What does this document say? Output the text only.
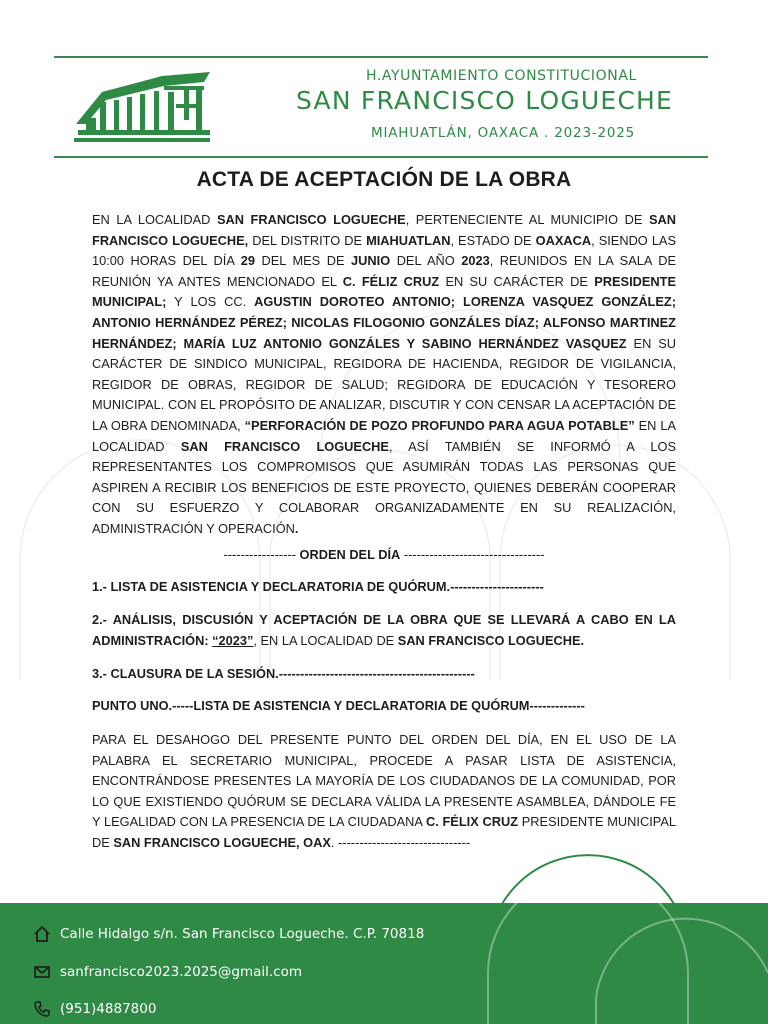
H.AYUNTAMIENTO CONSTITUCIONAL
SAN FRANCISCO LOGUECHE
MIAHUATLÁN, OAXACA . 2023-2025
ACTA DE ACEPTACIÓN DE LA OBRA
EN LA LOCALIDAD SAN FRANCISCO LOGUECHE, PERTENECIENTE AL MUNICIPIO DE SAN FRANCISCO LOGUECHE, DEL DISTRITO DE MIAHUATLAN, ESTADO DE OAXACA, SIENDO LAS 10:00 HORAS DEL DÍA 29 DEL MES DE JUNIO DEL AÑO 2023, REUNIDOS EN LA SALA DE REUNIÓN YA ANTES MENCIONADO EL C. FÉLIZ CRUZ EN SU CARÁCTER DE PRESIDENTE MUNICIPAL; Y LOS CC. AGUSTIN DOROTEO ANTONIO; LORENZA VASQUEZ GONZÁLEZ; ANTONIO HERNÁNDEZ PÉREZ; NICOLAS FILOGONIO GONZÁLES DÍAZ; ALFONSO MARTINEZ HERNÁNDEZ; MARÍA LUZ ANTONIO GONZÁLES Y SABINO HERNÁNDEZ VASQUEZ EN SU CARÁCTER DE SINDICO MUNICIPAL, REGIDORA DE HACIENDA, REGIDOR DE VIGILANCIA, REGIDOR DE OBRAS, REGIDOR DE SALUD; REGIDORA DE EDUCACIÓN Y TESORERO MUNICIPAL. CON EL PROPÓSITO DE ANALIZAR, DISCUTIR Y CON CENSAR LA ACEPTACIÓN DE LA OBRA DENOMINADA, “PERFORACIÓN DE POZO PROFUNDO PARA AGUA POTABLE” EN LA LOCALIDAD SAN FRANCISCO LOGUECHE, ASÍ TAMBIÉN SE INFORMÓ A LOS REPRESENTANTES LOS COMPROMISOS QUE ASUMIRÁN TODAS LAS PERSONAS QUE ASPIREN A RECIBIR LOS BENEFICIOS DE ESTE PROYECTO, QUIENES DEBERÁN COOPERAR CON SU ESFUERZO Y COLABORAR ORGANIZADAMENTE EN SU REALIZACIÓN, ADMINISTRACIÓN Y OPERACIÓN.
----------------- ORDEN DEL DÍA ---------------------------------
1.- LISTA DE ASISTENCIA Y DECLARATORIA DE QUÓRUM.----------------------
2.- ANÁLISIS, DISCUSIÓN Y ACEPTACIÓN DE LA OBRA QUE SE LLEVARÁ A CABO EN LA ADMINISTRACIÓN: “2023”, EN LA LOCALIDAD DE SAN FRANCISCO LOGUECHE.
3.- CLAUSURA DE LA SESIÓN.----------------------------------------------
PUNTO UNO.-----LISTA DE ASISTENCIA Y DECLARATORIA DE QUÓRUM-------------
PARA EL DESAHOGO DEL PRESENTE PUNTO DEL ORDEN DEL DÍA, EN EL USO DE LA PALABRA EL SECRETARIO MUNICIPAL, PROCEDE A PASAR LISTA DE ASISTENCIA, ENCONTRÁNDOSE PRESENTES LA MAYORÍA DE LOS CIUDADANOS DE LA COMUNIDAD, POR LO QUE EXISTIENDO QUÓRUM SE DECLARA VÁLIDA LA PRESENTE ASAMBLEA, DÁNDOLE FE Y LEGALIDAD CON LA PRESENCIA DE LA CIUDADANA C. FÉLIX CRUZ PRESIDENTE MUNICIPAL DE SAN FRANCISCO LOGUECHE, OAX. -------------------------------
Calle Hidalgo s/n. San Francisco Logueche. C.P. 70818
sanfrancisco2023.2025@gmail.com
(951)4887800
